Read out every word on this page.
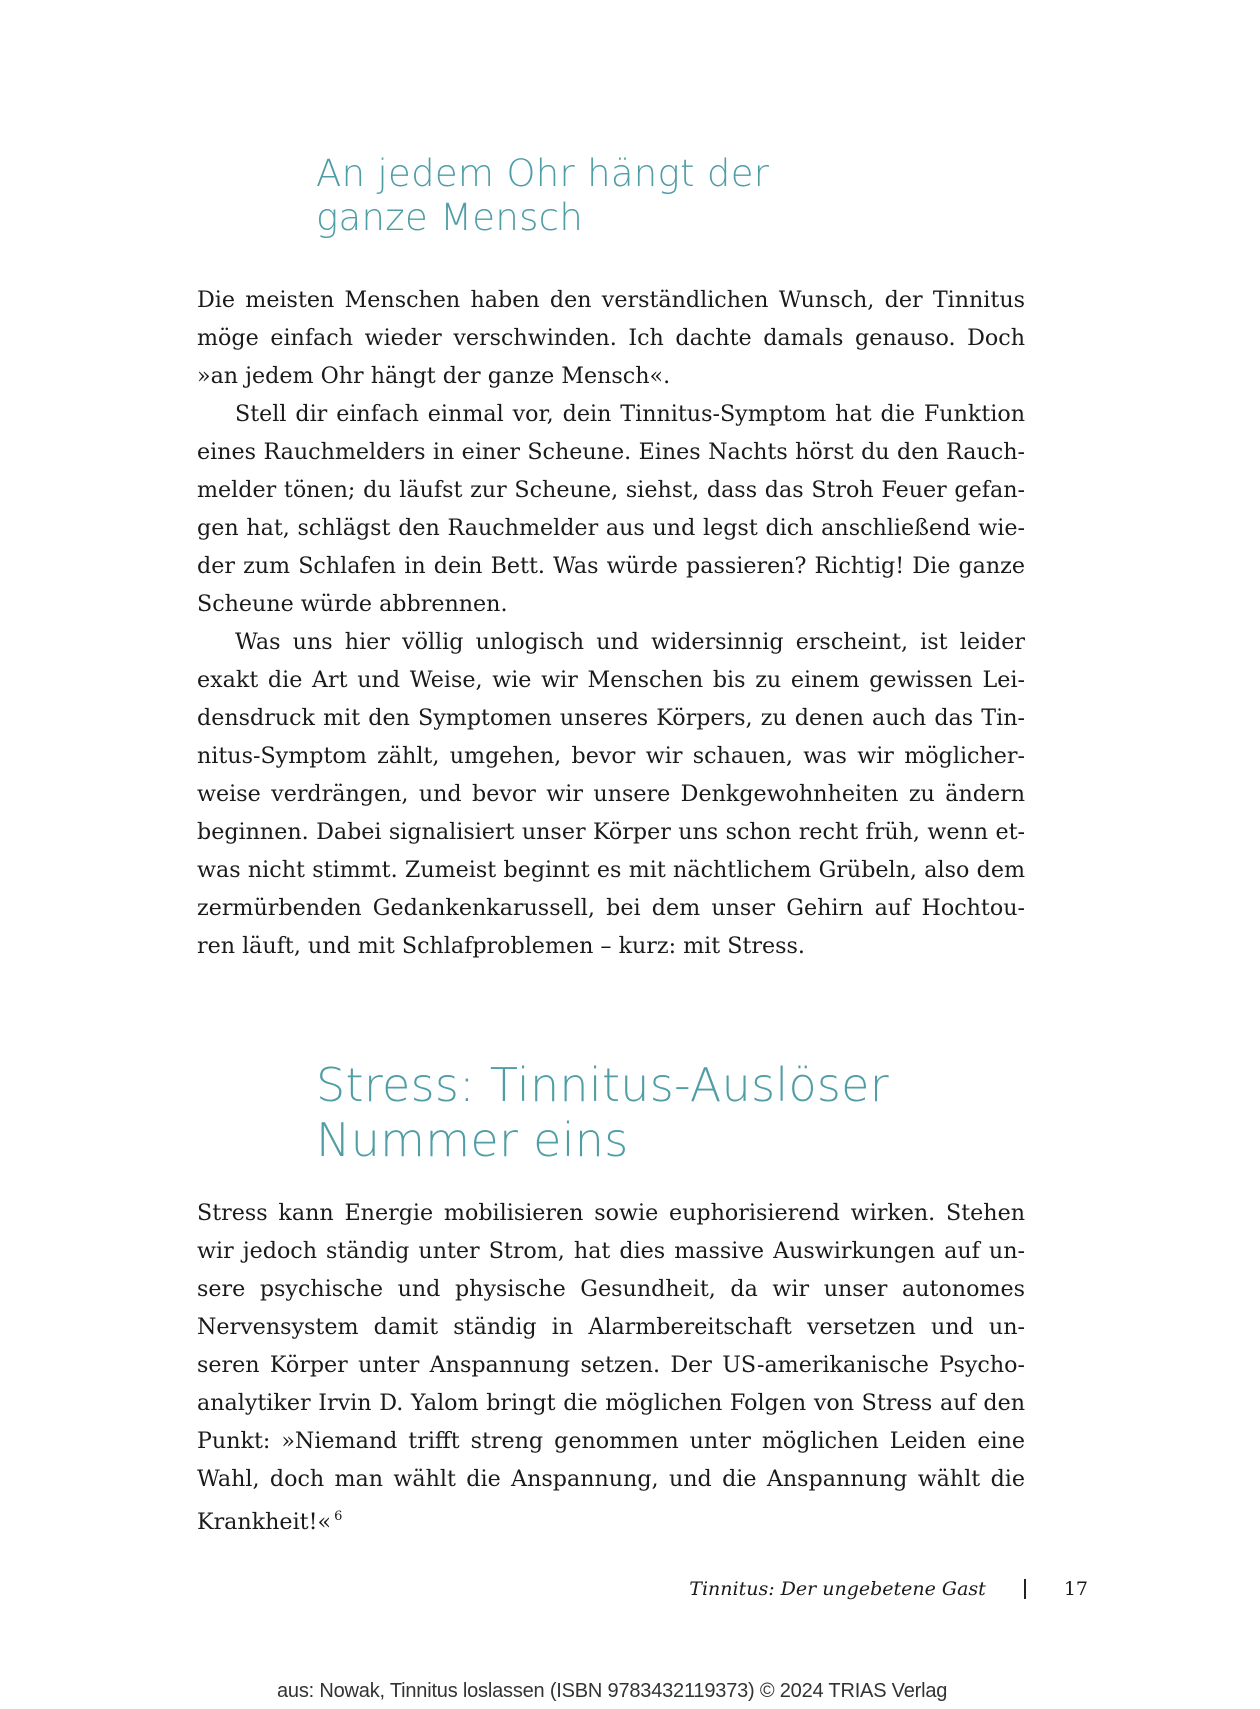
An jedem Ohr hängt der
ganze Mensch
Die meisten Menschen haben den verständlichen Wunsch, der Tinnitus
möge einfach wieder verschwinden. Ich dachte damals genauso. Doch
»an jedem Ohr hängt der ganze Mensch«.
Stell dir einfach einmal vor, dein Tinnitus-Symptom hat die Funktion
eines Rauchmelders in einer Scheune. Eines Nachts hörst du den Rauch-
melder tönen; du läufst zur Scheune, siehst, dass das Stroh Feuer gefan-
gen hat, schlägst den Rauchmelder aus und legst dich anschließend wie-
der zum Schlafen in dein Bett. Was würde passieren? Richtig! Die ganze
Scheune würde abbrennen.
Was uns hier völlig unlogisch und widersinnig erscheint, ist leider
exakt die Art und Weise, wie wir Menschen bis zu einem gewissen Lei-
densdruck mit den Symptomen unseres Körpers, zu denen auch das Tin-
nitus-Symptom zählt, umgehen, bevor wir schauen, was wir möglicher-
weise verdrängen, und bevor wir unsere Denkgewohnheiten zu ändern
beginnen. Dabei signalisiert unser Körper uns schon recht früh, wenn et-
was nicht stimmt. Zumeist beginnt es mit nächtlichem Grübeln, also dem
zermürbenden Gedankenkarussell, bei dem unser Gehirn auf Hochtou-
ren läuft, und mit Schlafproblemen – kurz: mit Stress.
Stress: Tinnitus-Auslöser
Nummer eins
Stress kann Energie mobilisieren sowie euphorisierend wirken. Stehen
wir jedoch ständig unter Strom, hat dies massive Auswirkungen auf un-
sere psychische und physische Gesundheit, da wir unser autonomes
Nervensystem damit ständig in Alarmbereitschaft versetzen und un-
seren Körper unter Anspannung setzen. Der US-amerikanische Psycho-
analytiker Irvin D. Yalom bringt die möglichen Folgen von Stress auf den
Punkt: »Niemand trifft streng genommen unter möglichen Leiden eine
Wahl, doch man wählt die Anspannung, und die Anspannung wählt die
Krankheit!« $^6$
Tinnitus: Der ungebetene Gast	17
aus: Nowak, Tinnitus loslassen (ISBN 9783432119373) © 2024 TRIAS Verlag
